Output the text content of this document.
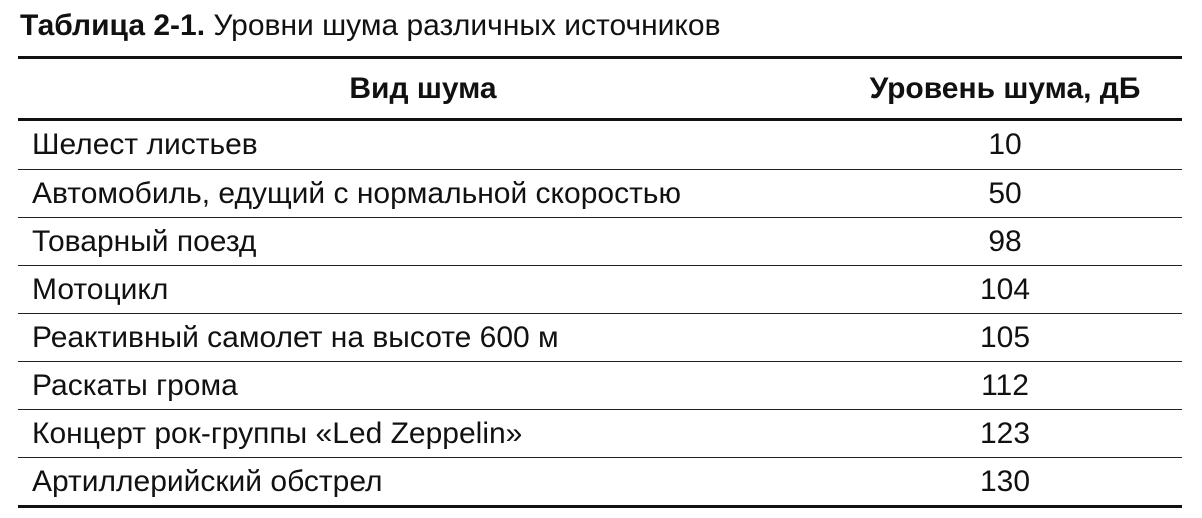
Таблица 2-1. Уровни шума различных источников
Вид шума	Уровень шума, дБ
Шелест листьев	10
Автомобиль, едущий с нормальной скоростью	50
Товарный поезд	98
Мотоцикл	104
Реактивный самолет на высоте 600 м	105
Раскаты грома	112
Концерт рок-группы «Led Zeppelin»	123
Артиллерийский обстрел	130
